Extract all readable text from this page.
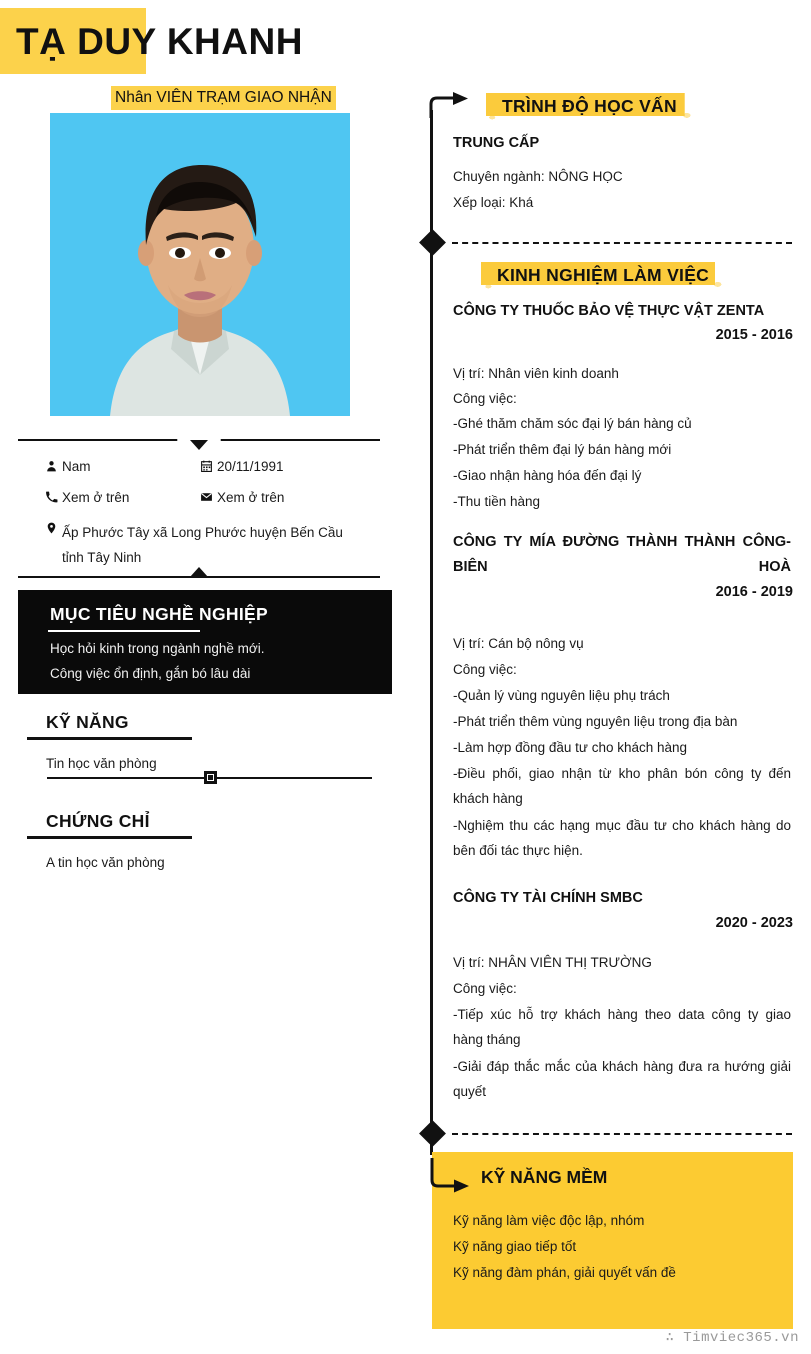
TẠ DUY KHANH
Nhân VIÊN TRẠM GIAO NHẬN
Nam	20/11/1991
Xem ở trên	Xem ở trên
Ấp Phước Tây xã Long Phước huyện Bến Cầu tỉnh Tây Ninh
MỤC TIÊU NGHỀ NGHIỆP
Học hỏi kinh trong ngành nghề mới.
Công việc ổn định, gắn bó lâu dài
KỸ NĂNG
Tin học văn phòng
CHỨNG CHỈ
A tin học văn phòng
TRÌNH ĐỘ HỌC VẤN
TRUNG CẤP
Chuyên ngành: NÔNG HỌC
Xếp loại: Khá
KINH NGHIỆM LÀM VIỆC
CÔNG TY THUỐC BẢO VỆ THỰC VẬT ZENTA
2015 - 2016
Vị trí: Nhân viên kinh doanh
Công việc:
-Ghé thăm chăm sóc đại lý bán hàng củ
-Phát triển thêm đại lý bán hàng mới
-Giao nhận hàng hóa đến đại lý
-Thu tiền hàng
CÔNG TY MÍA ĐƯỜNG THÀNH THÀNH CÔNG-BIÊN HOÀ
2016 - 2019
Vị trí: Cán bộ nông vụ
Công việc:
-Quản lý vùng nguyên liệu phụ trách
-Phát triển thêm vùng nguyên liệu trong địa bàn
-Làm hợp đồng đầu tư cho khách hàng
-Điều phối, giao nhận từ kho phân bón công ty đến khách hàng
-Nghiệm thu các hạng mục đầu tư cho khách hàng do bên đối tác thực hiện.
CÔNG TY TÀI CHÍNH SMBC
2020 - 2023
Vị trí: NHÂN VIÊN THỊ TRƯỜNG
Công việc:
-Tiếp xúc hỗ trợ khách hàng theo data công ty giao hàng tháng
-Giải đáp thắc mắc của khách hàng đưa ra hướng giải quyết
KỸ NĂNG MỀM
Kỹ năng làm việc độc lập, nhóm
Kỹ năng giao tiếp tốt
Kỹ năng đàm phán, giải quyết vấn đề
∴ Timviec365.vn
